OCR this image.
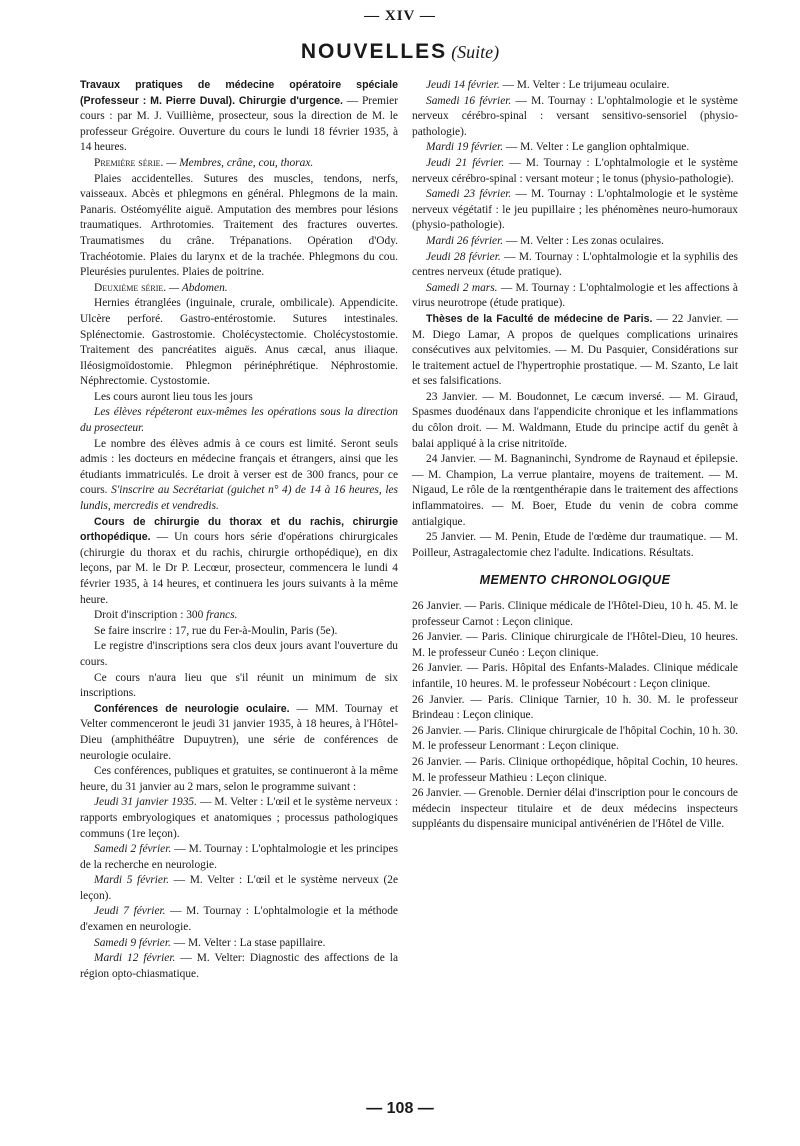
— XIV —
NOUVELLES (Suite)

Travaux pratiques de médecine opératoire spéciale (Professeur : M. Pierre Duval). Chirurgie d'urgence. — Premier cours : par M. J. Vuillième, prosecteur, sous la direction de M. le professeur Grégoire. Ouverture du cours le lundi 18 février 1935, à 14 heures.

Première série. — Membres, crâne, cou, thorax.

Plaies accidentelles. Sutures des muscles, tendons, nerfs, vaisseaux. Abcès et phlegmons en général. Phlegmons de la main. Panaris. Ostéomyélite aiguë. Amputation des membres pour lésions traumatiques. Arthrotomies. Traitement des fractures ouvertes. Traumatismes du crâne. Trépanations. Opération d'Ody. Trachéotomie. Plaies du larynx et de la trachée. Phlegmons du cou. Pleurésies purulentes. Plaies de poitrine.

Deuxième série. — Abdomen.

Hernies étranglées (inguinale, crurale, ombilicale). Appendicite. Ulcère perforé. Gastro-entérostomie. Sutures intestinales. Splénectomie. Gastrostomie. Cholécystectomie. Cholécystostomie. Traitement des pancréatites aiguës. Anus cæcal, anus iliaque. Iléosigmoïdostomie. Phlegmon périnéphrétique. Néphrostomie. Néphrectomie. Cystostomie.

Les cours auront lieu tous les jours

Les élèves répéteront eux-mêmes les opérations sous la direction du prosecteur.

Le nombre des élèves admis à ce cours est limité. Seront seuls admis : les docteurs en médecine français et étrangers, ainsi que les étudiants immatriculés. Le droit à verser est de 300 francs, pour ce cours. S'inscrire au Secrétariat (guichet n° 4) de 14 à 16 heures, les lundis, mercredis et vendredis.

Cours de chirurgie du thorax et du rachis, chirurgie orthopédique. — Un cours hors série d'opérations chirurgicales (chirurgie du thorax et du rachis, chirurgie orthopédique), en dix leçons, par M. le Dr P. Lecœur, prosecteur, commencera le lundi 4 février 1935, à 14 heures, et continuera les jours suivants à la même heure.

Droit d'inscription : 300 francs.

Se faire inscrire : 17, rue du Fer-à-Moulin, Paris (5e).

Le registre d'inscriptions sera clos deux jours avant l'ouverture du cours.

Ce cours n'aura lieu que s'il réunit un minimum de six inscriptions.

Conférences de neurologie oculaire. — MM. Tournay et Velter commenceront le jeudi 31 janvier 1935, à 18 heures, à l'Hôtel-Dieu (amphithéâtre Dupuytren), une série de conférences de neurologie oculaire.

Ces conférences, publiques et gratuites, se continueront à la même heure, du 31 janvier au 2 mars, selon le programme suivant :

Jeudi 31 janvier 1935. — M. Velter : L'œil et le système nerveux : rapports embryologiques et anatomiques ; processus pathologiques communs (1re leçon).

Samedi 2 février. — M. Tournay : L'ophtalmologie et les principes de la recherche en neurologie.

Mardi 5 février. — M. Velter : L'œil et le système nerveux (2e leçon).

Jeudi 7 février. — M. Tournay : L'ophtalmologie et la méthode d'examen en neurologie.

Samedi 9 février. — M. Velter : La stase papillaire.

Mardi 12 février. — M. Velter: Diagnostic des affections de la région opto-chiasmatique.

Jeudi 14 février. — M. Velter : Le trijumeau oculaire.

Samedi 16 février. — M. Tournay : L'ophtalmologie et le système nerveux cérébro-spinal : versant sensitivo-sensoriel (physio-pathologie).

Mardi 19 février. — M. Velter : Le ganglion ophtalmique.

Jeudi 21 février. — M. Tournay : L'ophtalmologie et le système nerveux cérébro-spinal : versant moteur ; le tonus (physio-pathologie).

Samedi 23 février. — M. Tournay : L'ophtalmologie et le système nerveux végétatif : le jeu pupillaire ; les phénomènes neuro-humoraux (physio-pathologie).

Mardi 26 février. — M. Velter : Les zonas oculaires.

Jeudi 28 février. — M. Tournay : L'ophtalmologie et la syphilis des centres nerveux (étude pratique).

Samedi 2 mars. — M. Tournay : L'ophtalmologie et les affections à virus neurotrope (étude pratique).

Thèses de la Faculté de médecine de Paris. — 22 Janvier. — M. Diego Lamar, A propos de quelques complications urinaires consécutives aux pelvitomies. — M. Du Pasquier, Considérations sur le traitement actuel de l'hypertrophie prostatique. — M. Szanto, Le lait et ses falsifications.

23 Janvier. — M. Boudonnet, Le cæcum inversé. — M. Giraud, Spasmes duodénaux dans l'appendicite chronique et les inflammations du côlon droit. — M. Waldmann, Etude du principe actif du genêt à balai appliqué à la crise nitritoïde.

24 Janvier. — M. Bagnaninchi, Syndrome de Raynaud et épilepsie. — M. Champion, La verrue plantaire, moyens de traitement. — M. Nigaud, Le rôle de la rœntgenthérapie dans le traitement des affections inflammatoires. — M. Boer, Etude du venin de cobra comme antialgique.

25 Janvier. — M. Penin, Etude de l'œdème dur traumatique. — M. Poilleur, Astragalectomie chez l'adulte. Indications. Résultats.

MEMENTO CHRONOLOGIQUE

26 Janvier. — Paris. Clinique médicale de l'Hôtel-Dieu, 10 h. 45. M. le professeur Carnot : Leçon clinique.

26 Janvier. — Paris. Clinique chirurgicale de l'Hôtel-Dieu, 10 heures. M. le professeur Cunéo : Leçon clinique.

26 Janvier. — Paris. Hôpital des Enfants-Malades. Clinique médicale infantile, 10 heures. M. le professeur Nobécourt : Leçon clinique.

26 Janvier. — Paris. Clinique Tarnier, 10 h. 30. M. le professeur Brindeau : Leçon clinique.

26 Janvier. — Paris. Clinique chirurgicale de l'hôpital Cochin, 10 h. 30. M. le professeur Lenormant : Leçon clinique.

26 Janvier. — Paris. Clinique orthopédique, hôpital Cochin, 10 heures. M. le professeur Mathieu : Leçon clinique.

26 Janvier. — Grenoble. Dernier délai d'inscription pour le concours de médecin inspecteur titulaire et de deux médecins inspecteurs suppléants du dispensaire municipal antivénérien de l'Hôtel de Ville.

— 108 —
